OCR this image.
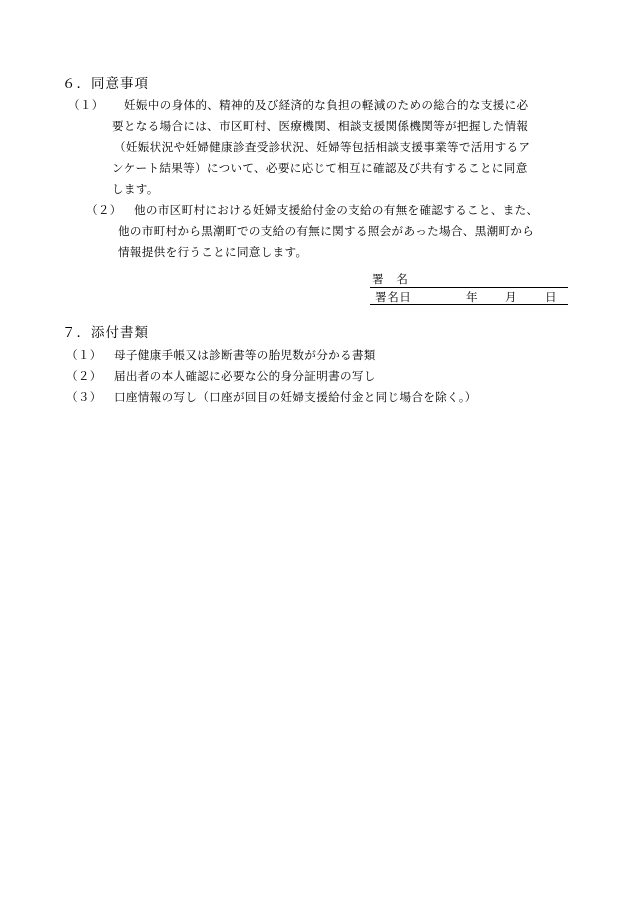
６．同意事項
（１） 妊娠中の身体的、精神的及び経済的な負担の軽減のための総合的な支援に必
要となる場合には、市区町村、医療機関、相談支援関係機関等が把握した情報
（妊娠状況や妊婦健康診査受診状況、妊婦等包括相談支援事業等で活用するア
ンケート結果等）について、必要に応じて相互に確認及び共有することに同意
します。
（２） 他の市区町村における妊婦支援給付金の支給の有無を確認すること、また、
他の市町村から黒潮町での支給の有無に関する照会があった場合、黒潮町から
情報提供を行うことに同意します。
署　名
署名日	年 月 日
７．添付書類
（１） 母子健康手帳又は診断書等の胎児数が分かる書類
（２） 届出者の本人確認に必要な公的身分証明書の写し
（３） 口座情報の写し（口座が回目の妊婦支援給付金と同じ場合を除く。）
